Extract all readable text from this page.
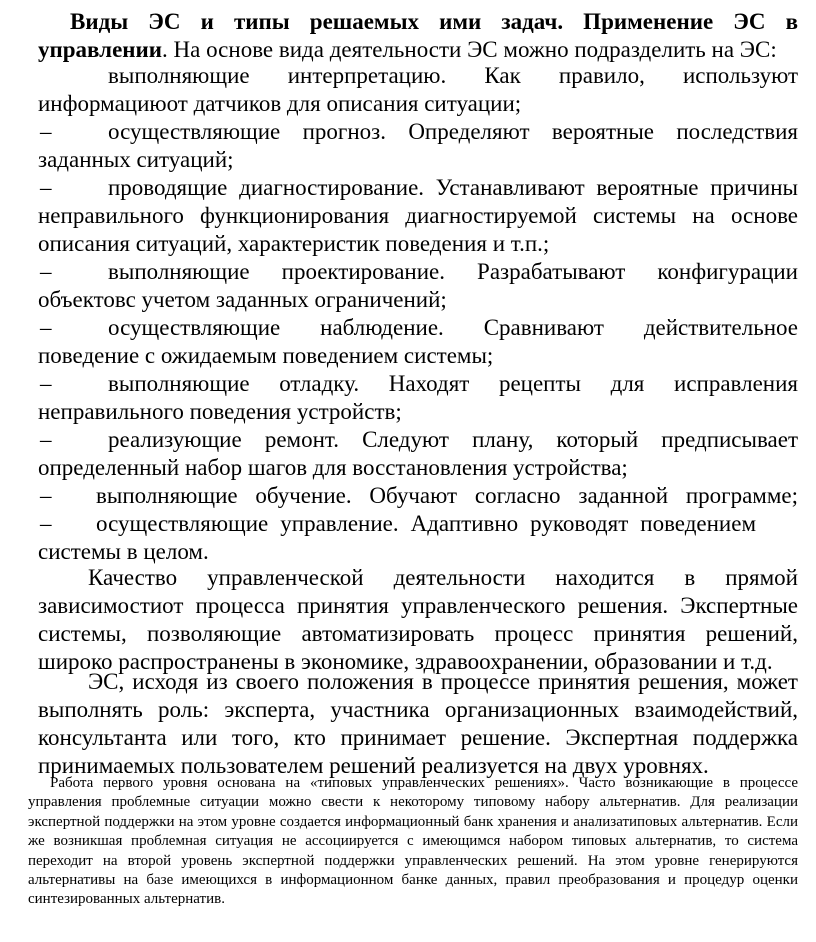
Виды ЭС и типы решаемых ими задач. Применение ЭС в управлении. На основе вида деятельности ЭС можно подразделить на ЭС:
выполняющие интерпретацию. Как правило, используют
информациюот датчиков для описания ситуации;
–	осуществляющие прогноз. Определяют вероятные последствия
заданных ситуаций;
–	проводящие диагностирование. Устанавливают вероятные причины
неправильного функционирования диагностируемой системы на основе
описания ситуаций, характеристик поведения и т.п.;
–	выполняющие проектирование. Разрабатывают конфигурации
объектовс учетом заданных ограничений;
–	осуществляющие наблюдение. Сравнивают действительное
поведение с ожидаемым поведением системы;
–	выполняющие отладку. Находят рецепты для исправления
неправильного поведения устройств;
–	реализующие ремонт. Следуют плану, который предписывает
определенный набор шагов для восстановления устройства;
–	выполняющие обучение. Обучают согласно заданной программе;
–	осуществляющие управление. Адаптивно руководят поведением
системы в целом.
Качество управленческой деятельности находится в прямой зависимостиот процесса принятия управленческого решения. Экспертные системы, позволяющие автоматизировать процесс принятия решений, широко распространены в экономике, здравоохранении, образовании и т.д.
ЭС, исходя из своего положения в процессе принятия решения, может выполнять роль: эксперта, участника организационных взаимодействий, консультанта или того, кто принимает решение. Экспертная поддержка принимаемых пользователем решений реализуется на двух уровнях.
Работа первого уровня основана на «типовых управленческих решениях». Часто возникающие в процессе управления проблемные ситуации можно свести к некоторому типовому набору альтернатив. Для реализации экспертной поддержки на этом уровне создается информационный банк хранения и анализатиповых альтернатив. Если же возникшая проблемная ситуация не ассоциируется с имеющимся набором типовых альтернатив, то система переходит на второй уровень экспертной поддержки управленческих решений. На этом уровне генерируются альтернативы на базе имеющихся в информационном банке данных, правил преобразования и процедур оценки синтезированных альтернатив.
